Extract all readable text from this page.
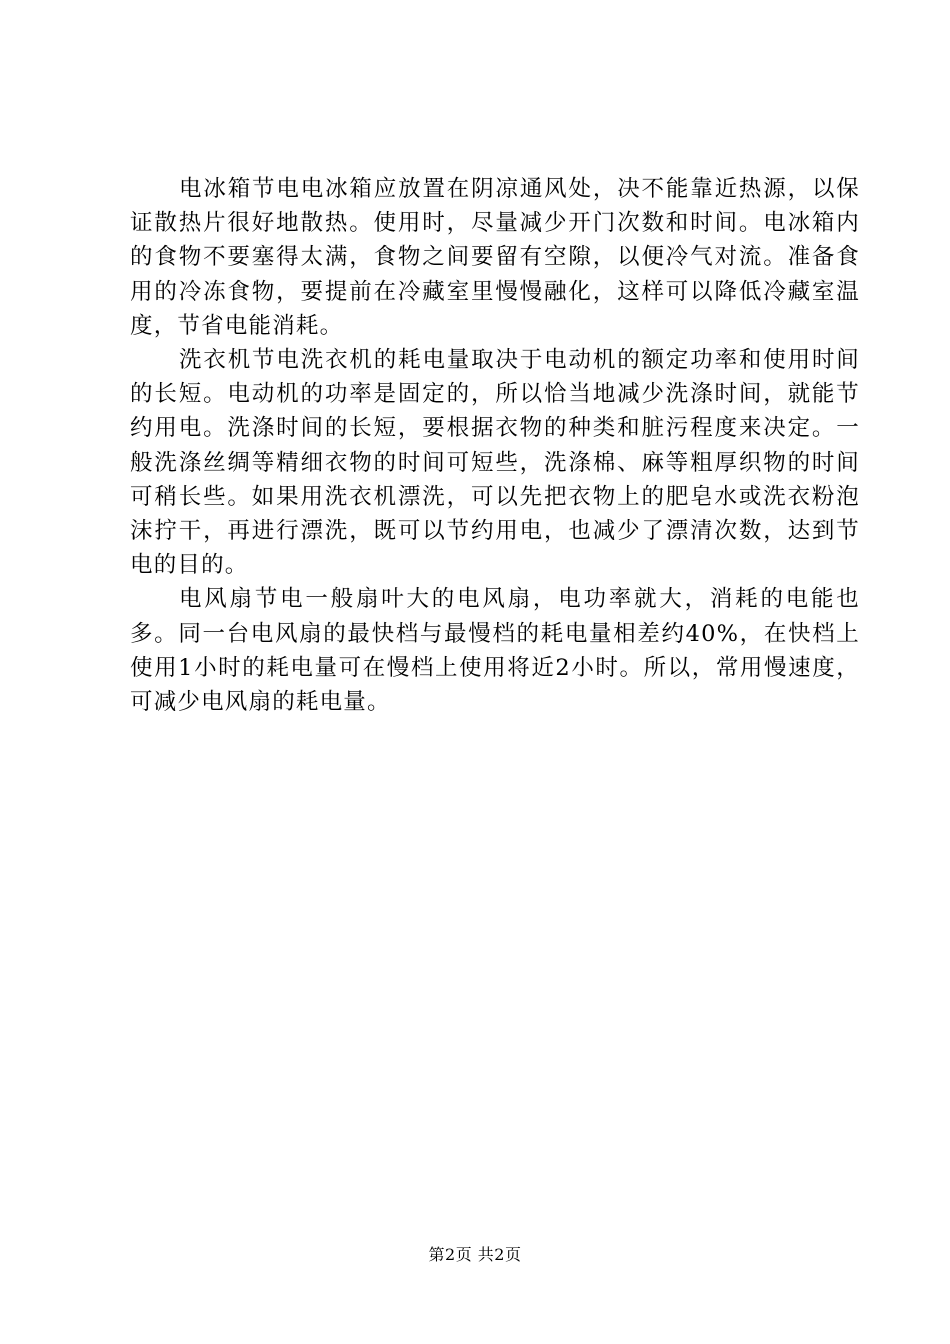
电冰箱节电电冰箱应放置在阴凉通风处，决不能靠近热源，以保证散热片很好地散热。使用时，尽量减少开门次数和时间。电冰箱内的食物不要塞得太满，食物之间要留有空隙，以便冷气对流。准备食用的冷冻食物，要提前在冷藏室里慢慢融化，这样可以降低冷藏室温度，节省电能消耗。

洗衣机节电洗衣机的耗电量取决于电动机的额定功率和使用时间的长短。电动机的功率是固定的，所以恰当地减少洗涤时间，就能节约用电。洗涤时间的长短，要根据衣物的种类和脏污程度来决定。一般洗涤丝绸等精细衣物的时间可短些，洗涤棉、麻等粗厚织物的时间可稍长些。如果用洗衣机漂洗，可以先把衣物上的肥皂水或洗衣粉泡沫拧干，再进行漂洗，既可以节约用电，也减少了漂清次数，达到节电的目的。

电风扇节电一般扇叶大的电风扇，电功率就大，消耗的电能也多。同一台电风扇的最快档与最慢档的耗电量相差约40%，在快档上使用1小时的耗电量可在慢档上使用将近2小时。所以，常用慢速度，可减少电风扇的耗电量。

第2页 共2页
